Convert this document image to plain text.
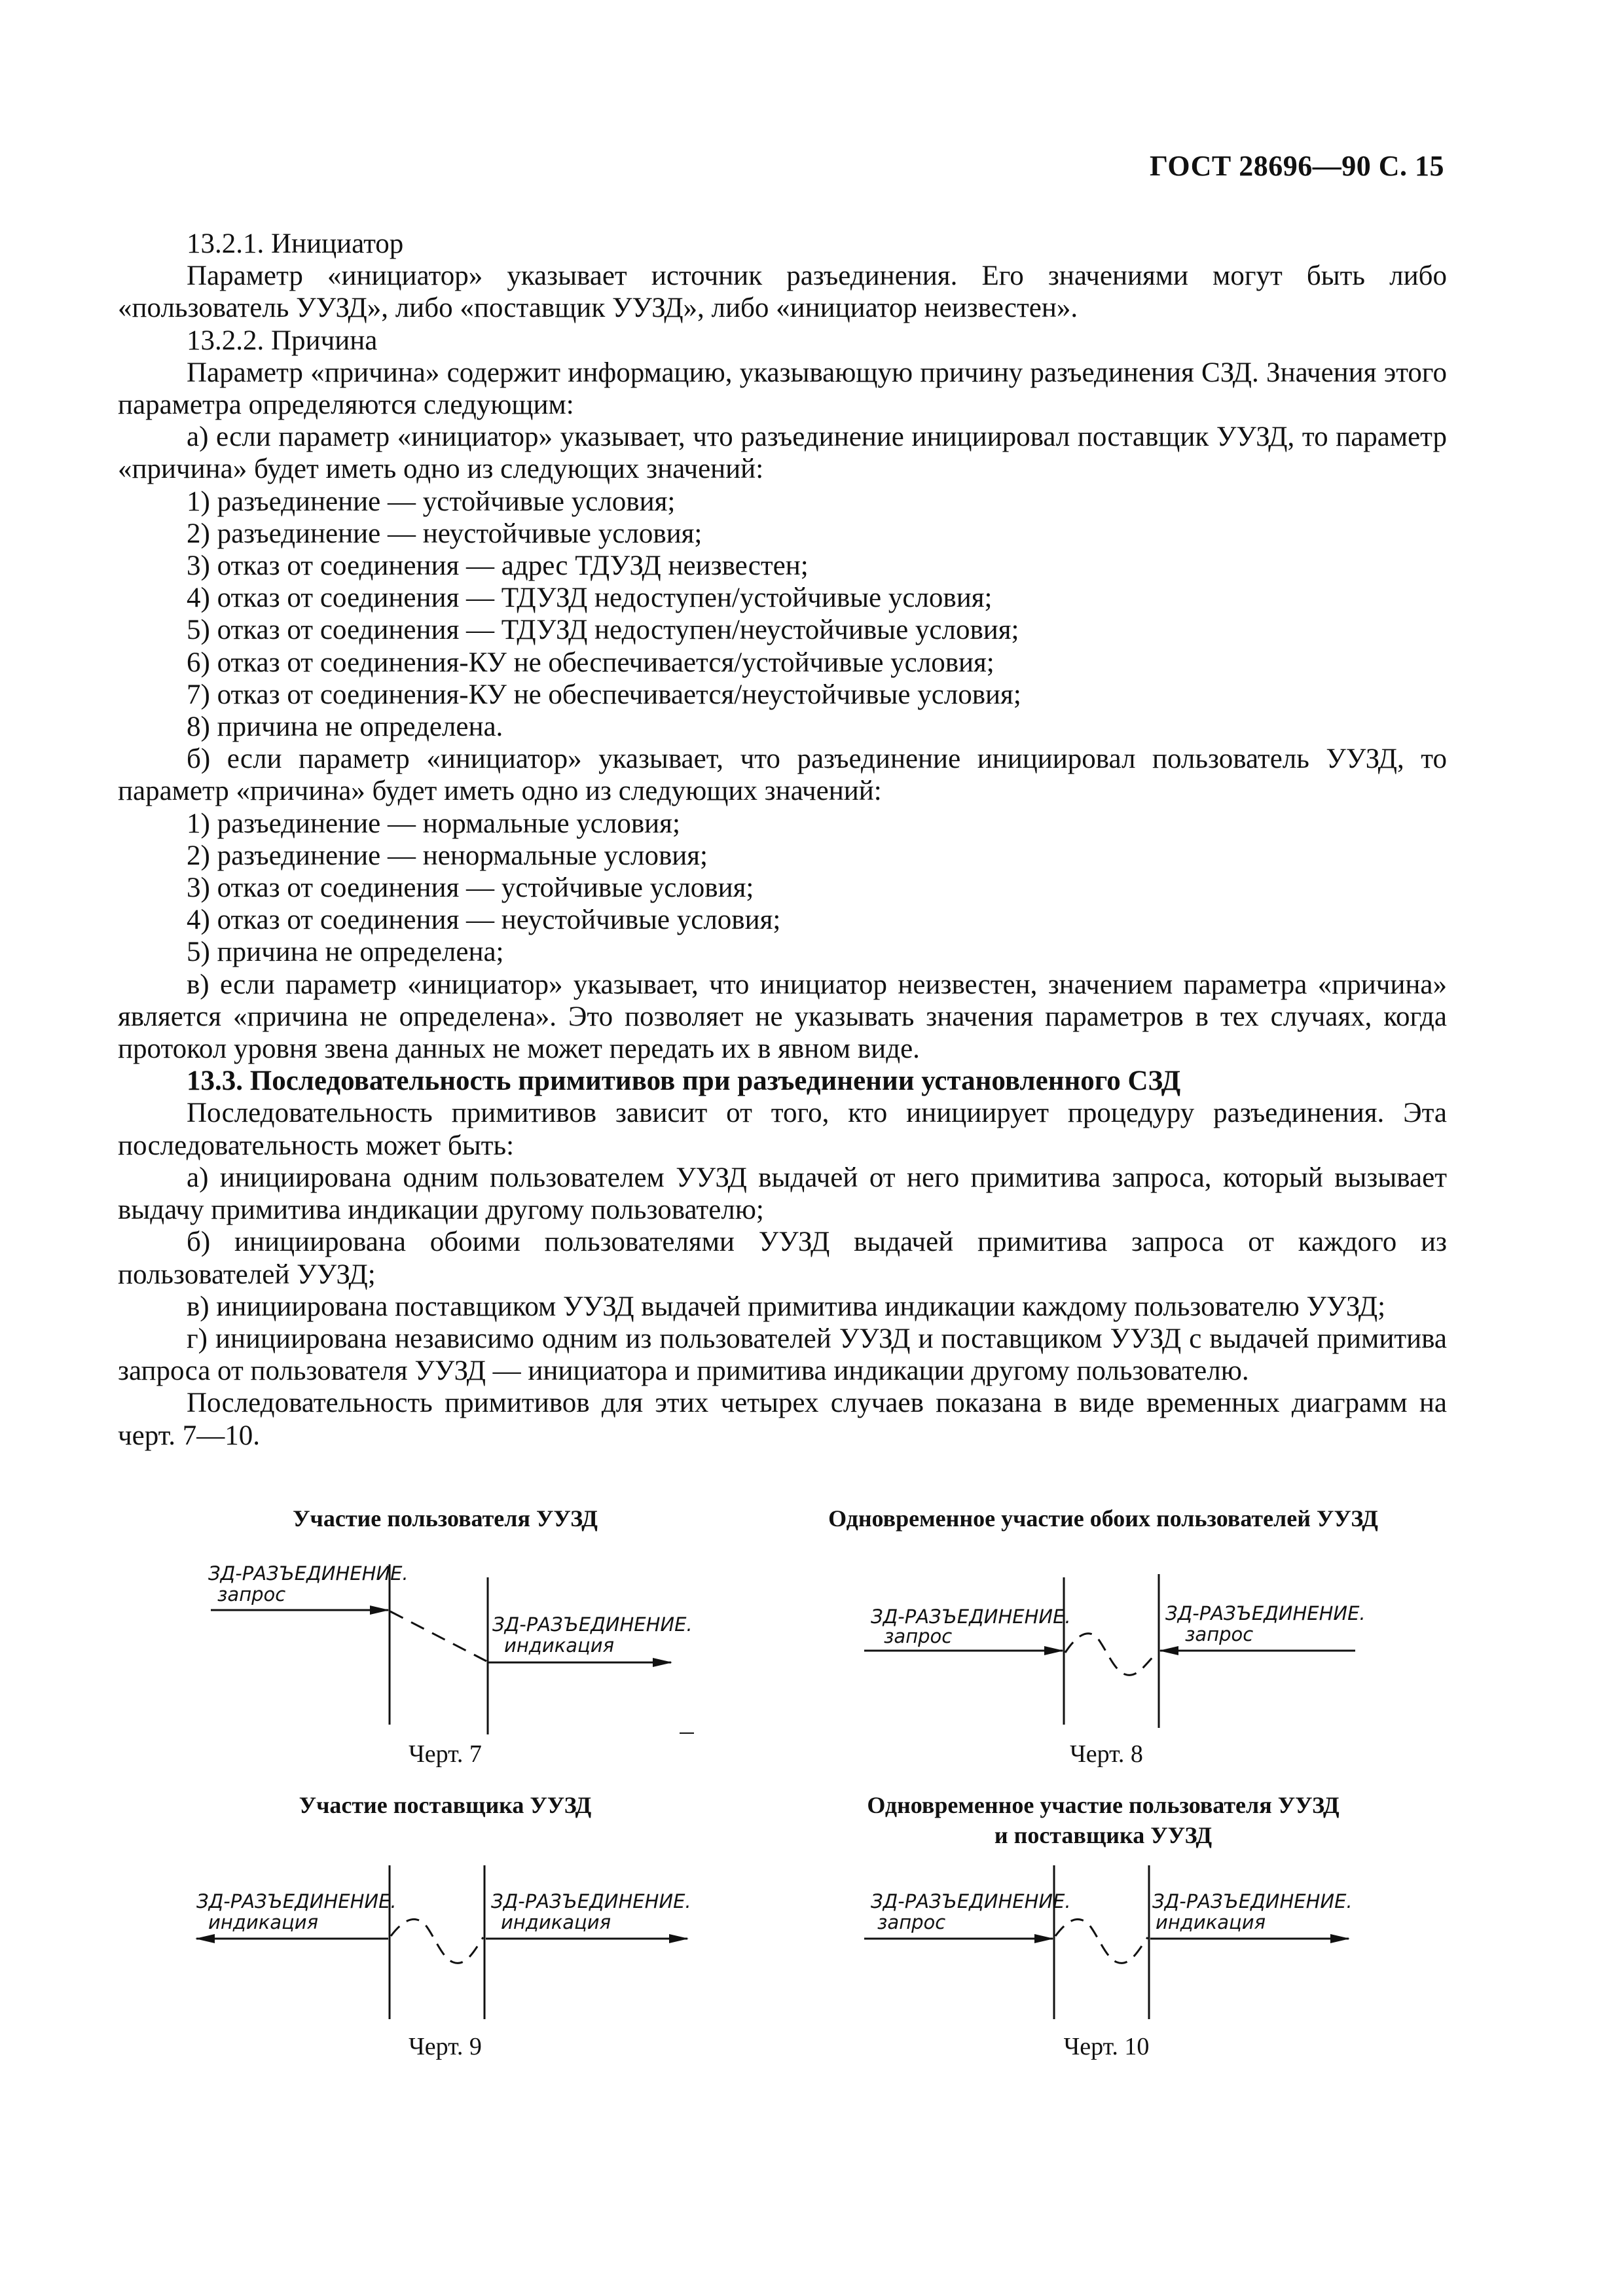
ГОСТ 28696—90 С. 15

13.2.1. Инициатор

Параметр «инициатор» указывает источник разъединения. Его значениями могут быть либо «пользователь УУЗД», либо «поставщик УУЗД», либо «инициатор неизвестен».

13.2.2. Причина

Параметр «причина» содержит информацию, указывающую причину разъединения СЗД. Значения этого параметра определяются следующим:

а) если параметр «инициатор» указывает, что разъединение инициировал поставщик УУЗД, то параметр «причина» будет иметь одно из следующих значений:

1) разъединение — устойчивые условия;

2) разъединение — неустойчивые условия;

3) отказ от соединения — адрес ТДУЗД неизвестен;

4) отказ от соединения — ТДУЗД недоступен/устойчивые условия;

5) отказ от соединения — ТДУЗД недоступен/неустойчивые условия;

6) отказ от соединения-КУ не обеспечивается/устойчивые условия;

7) отказ от соединения-КУ не обеспечивается/неустойчивые условия;

8) причина не определена.

б) если параметр «инициатор» указывает, что разъединение инициировал пользователь УУЗД, то параметр «причина» будет иметь одно из следующих значений:

1) разъединение — нормальные условия;

2) разъединение — ненормальные условия;

3) отказ от соединения — устойчивые условия;

4) отказ от соединения — неустойчивые условия;

5) причина не определена;

в) если параметр «инициатор» указывает, что инициатор неизвестен, значением параметра «причина» является «причина не определена». Это позволяет не указывать значения параметров в тех случаях, когда протокол уровня звена данных не может передать их в явном виде.

13.3. Последовательность примитивов при разъединении установленного СЗД

Последовательность примитивов зависит от того, кто инициирует процедуру разъединения. Эта последовательность может быть:

а) инициирована одним пользователем УУЗД выдачей от него примитива запроса, который вызывает выдачу примитива индикации другому пользователю;

б) инициирована обоими пользователями УУЗД выдачей примитива запроса от каждого из пользователей УУЗД;

в) инициирована поставщиком УУЗД выдачей примитива индикации каждому пользователю УУЗД;

г) инициирована независимо одним из пользователей УУЗД и поставщиком УУЗД с выдачей примитива запроса от пользователя УУЗД — инициатора и примитива индикации другому пользователю.

Последовательность примитивов для этих четырех случаев показана в виде временных диаграмм на черт. 7—10.

Участие пользователя УУЗД
ЗД-РАЗЪЕДИНЕНИЕ.
запрос
ЗД-РАЗЪЕДИНЕНИЕ.
индикация
Черт. 7
Одновременное участие обоих пользователей УУЗД
ЗД-РАЗЪЕДИНЕНИЕ.
запрос
ЗД-РАЗЪЕДИНЕНИЕ.
запрос
Черт. 8
Участие поставщика УУЗД
ЗД-РАЗЪЕДИНЕНИЕ.
индикация
ЗД-РАЗЪЕДИНЕНИЕ.
индикация
Черт. 9
Одновременное участие пользователя УУЗД
и поставщика УУЗД
ЗД-РАЗЪЕДИНЕНИЕ.
запрос
ЗД-РАЗЪЕДИНЕНИЕ.
индикация
Черт. 10
